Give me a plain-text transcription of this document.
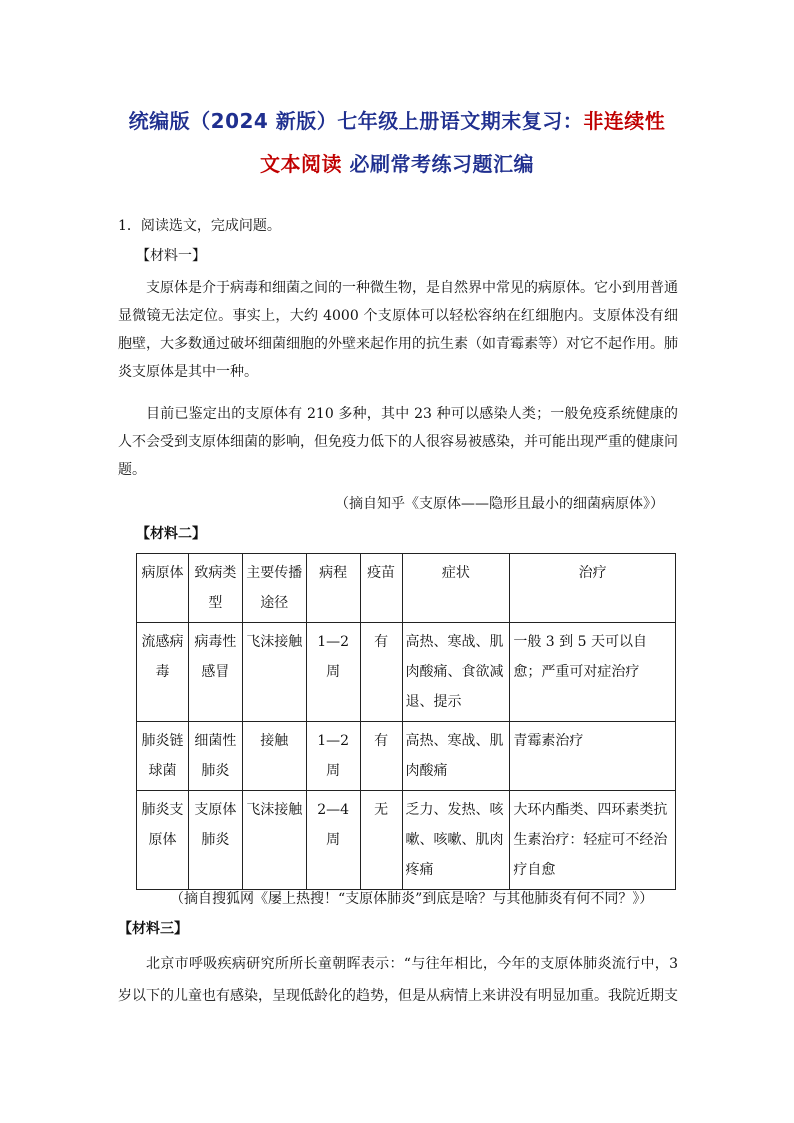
统编版（2024 新版）七年级上册语文期末复习：非连续性
文本阅读 必刷常考练习题汇编
1．阅读选文，完成问题。
【材料一】

支原体是介于病毒和细菌之间的一种微生物，是自然界中常见的病原体。它小到用普通显微镜无法定位。事实上，大约 4000 个支原体可以轻松容纳在红细胞内。支原体没有细胞壁，大多数通过破坏细菌细胞的外壁来起作用的抗生素（如青霉素等）对它不起作用。肺炎支原体是其中一种。

目前已鉴定出的支原体有 210 多种，其中 23 种可以感染人类；一般免疫系统健康的人不会受到支原体细菌的影响，但免疫力低下的人很容易被感染，并可能出现严重的健康问题。

（摘自知乎《支原体——隐形且最小的细菌病原体》）
【材料二】
病原体	致病类型	主要传播途径	病程	疫苗	症状	治疗
流感病毒	病毒性感冒	飞沫接触	1—2 周	有	高热、寒战、肌肉酸痛、食欲减退、提示	一般 3 到 5 天可以自愈；严重可对症治疗
肺炎链球菌	细菌性肺炎	接触	1—2 周	有	高热、寒战、肌肉酸痛	青霉素治疗
肺炎支原体	支原体肺炎	飞沫接触	2—4 周	无	乏力、发热、咳嗽、咳嗽、肌肉疼痛	大环内酯类、四环素类抗生素治疗：轻症可不经治疗自愈
（摘自搜狐网《屡上热搜！“支原体肺炎”到底是啥？与其他肺炎有何不同？》）
【材料三】

北京市呼吸疾病研究所所长童朝晖表示：“与往年相比，今年的支原体肺炎流行中，3 岁以下的儿童也有感染，呈现低龄化的趋势，但是从病情上来讲没有明显加重。我院近期支
